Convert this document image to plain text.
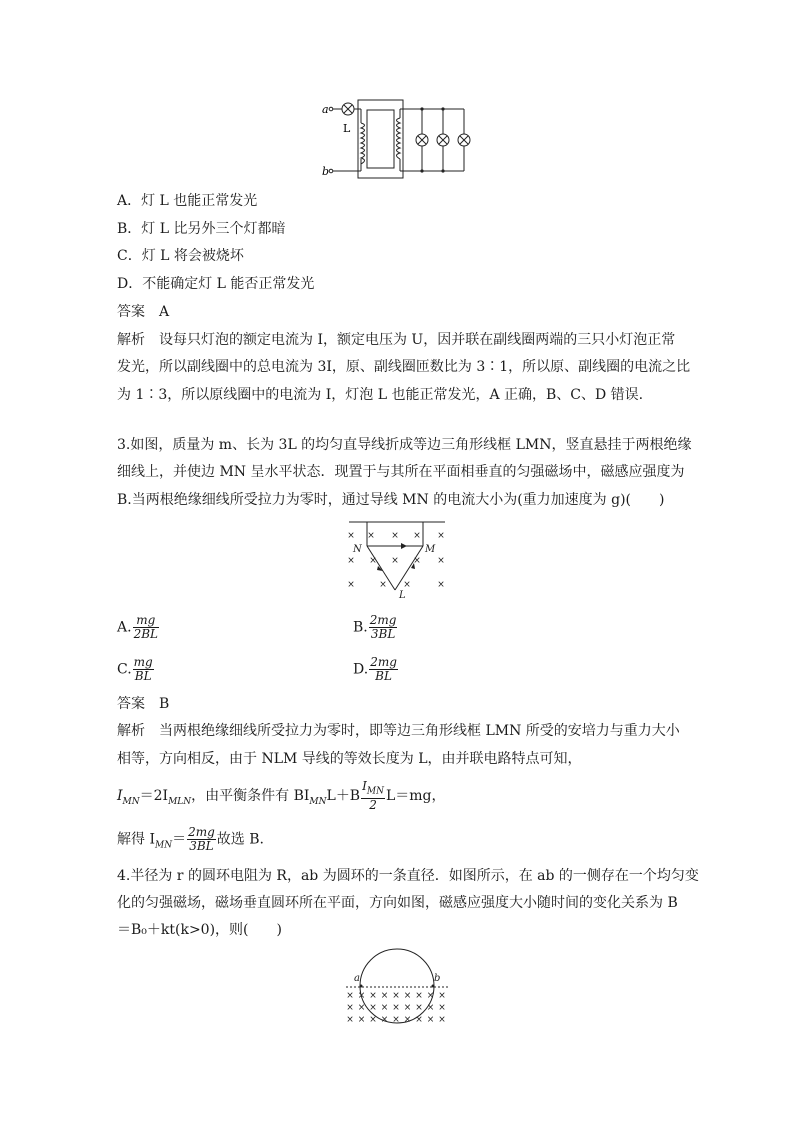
a
b
L
A．灯 L 也能正常发光
B．灯 L 比另外三个灯都暗
C．灯 L 将会被烧坏
D．不能确定灯 L 能否正常发光
答案　A
解析　设每只灯泡的额定电流为 I，额定电压为 U，因并联在副线圈两端的三只小灯泡正常
发光，所以副线圈中的总电流为 3I，原、副线圈匝数比为 3∶1，所以原、副线圈的电流之比
为 1∶3，所以原线圈中的电流为 I，灯泡 L 也能正常发光，A 正确，B、C、D 错误.
3.如图，质量为 m、长为 3L 的均匀直导线折成等边三角形线框 LMN，竖直悬挂于两根绝缘
细线上，并使边 MN 呈水平状态．现置于与其所在平面相垂直的匀强磁场中，磁感应强度为
B.当两根绝缘细线所受拉力为零时，通过导线 MN 的电流大小为(重力加速度为 g)(　　)
× × × × ×
× × × × ×
×	× ×	×
N	M
L
A. $\frac{mg}{2BL}$	B. $\frac{2mg}{3BL}$
C. $\frac{mg}{BL}$	D. $\frac{2mg}{BL}$
答案　B
解析　当两根绝缘细线所受拉力为零时，即等边三角形线框 LMN 所受的安培力与重力大小
相等，方向相反，由于 NLM 导线的等效长度为 L，由并联电路特点可知，
$I_{MN}=2I_{MLN}$，由平衡条件有 $BI_{MN}L+B \frac{I_{MN}}{2} L=mg$，
解得 $I_{MN}= \frac{2mg}{3BL}$ 故选 B.
4.半径为 r 的圆环电阻为 R，ab 为圆环的一条直径．如图所示，在 ab 的一侧存在一个均匀变
化的匀强磁场，磁场垂直圆环所在平面，方向如图，磁感应强度大小随时间的变化关系为 B
＝B₀＋kt(k>0)，则(　　)
a	b
× × × × × × × × ×
× × × × × × × × ×
× × × × × × × × ×
